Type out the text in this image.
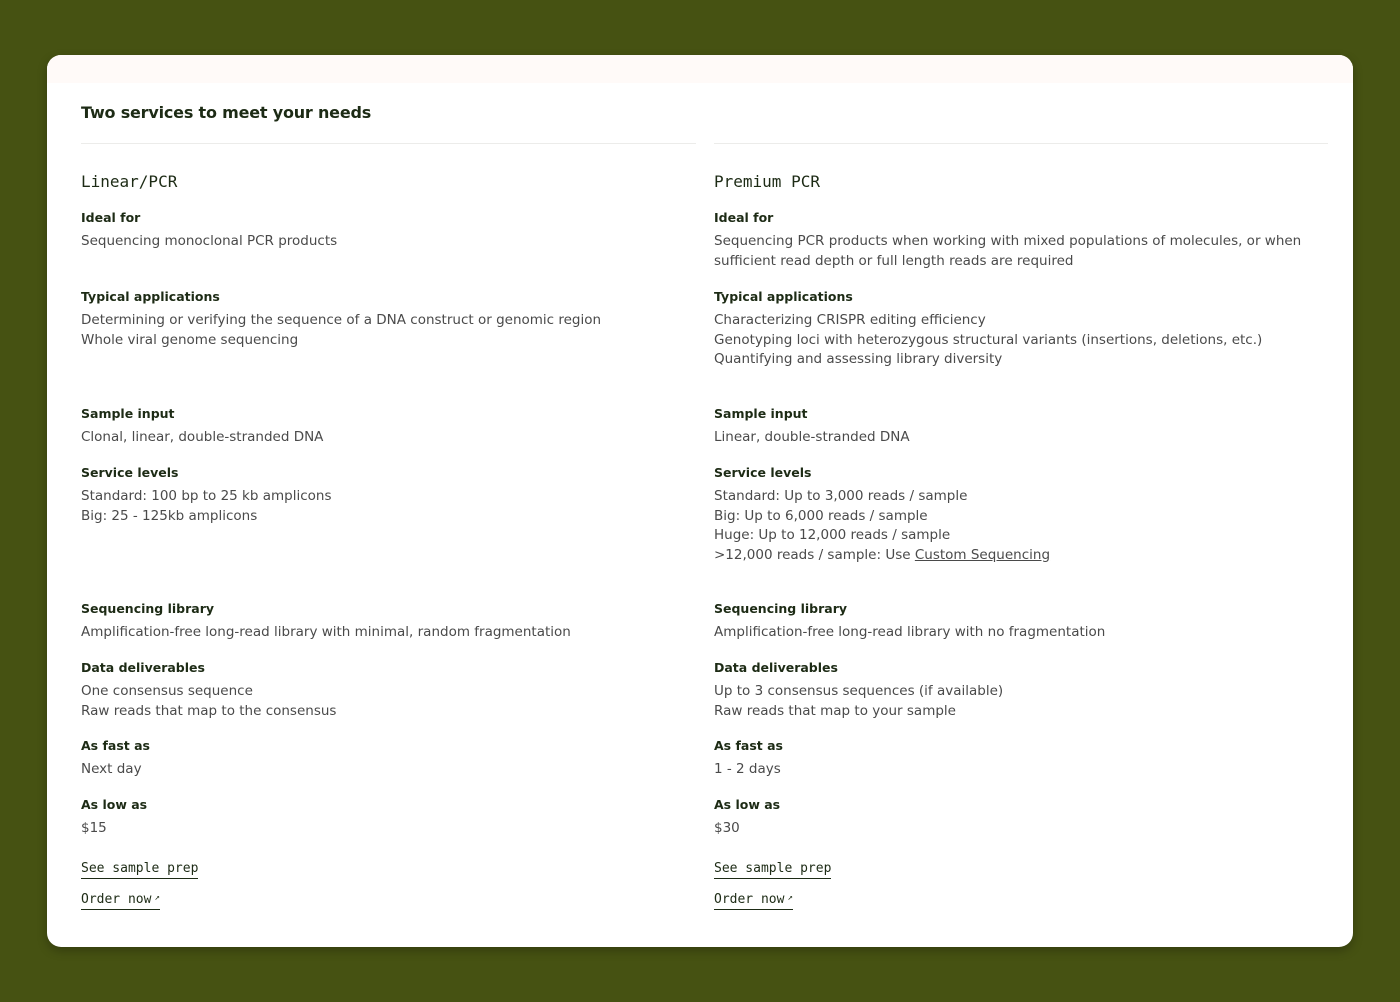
Two services to meet your needs
Linear/PCR

Ideal for

Sequencing monoclonal PCR products

Typical applications

Determining or verifying the sequence of a DNA construct or genomic region
Whole viral genome sequencing

Sample input

Clonal, linear, double-stranded DNA

Service levels

Standard: 100 bp to 25 kb amplicons
Big: 25 - 125kb amplicons

Sequencing library

Amplification-free long-read library with minimal, random fragmentation

Data deliverables

One consensus sequence
Raw reads that map to the consensus

As fast as

Next day

As low as

$15

See sample prep
Order now ↗
Premium PCR

Ideal for

Sequencing PCR products when working with mixed populations of molecules, or when
sufficient read depth or full length reads are required

Typical applications

Characterizing CRISPR editing efficiency
Genotyping loci with heterozygous structural variants (insertions, deletions, etc.)
Quantifying and assessing library diversity

Sample input

Linear, double-stranded DNA

Service levels

Standard: Up to 3,000 reads / sample
Big: Up to 6,000 reads / sample
Huge: Up to 12,000 reads / sample
>12,000 reads / sample: Use Custom Sequencing

Sequencing library

Amplification-free long-read library with no fragmentation

Data deliverables

Up to 3 consensus sequences (if available)
Raw reads that map to your sample

As fast as

1 - 2 days

As low as

$30

See sample prep
Order now ↗
